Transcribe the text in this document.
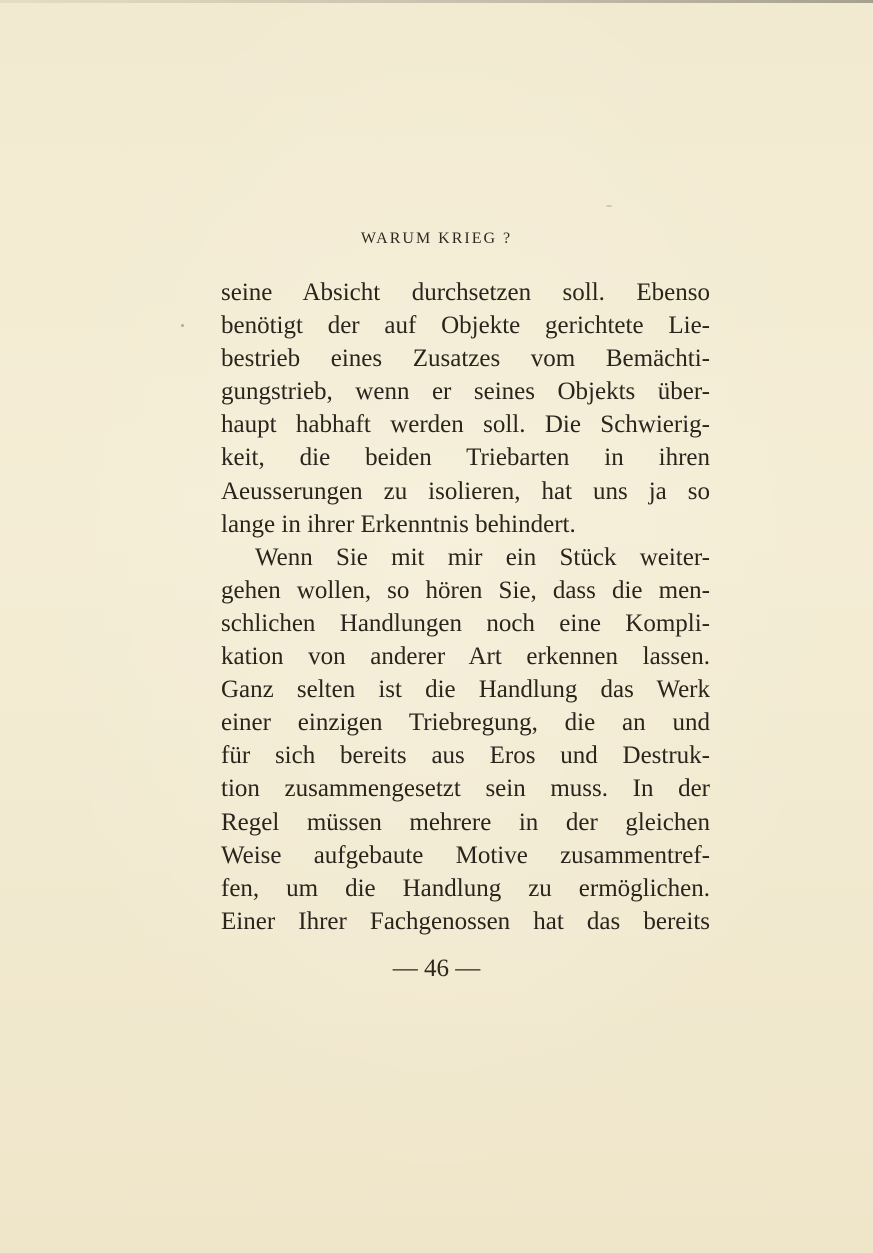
WARUM KRIEG ?
seine Absicht durchsetzen soll. Ebenso
benötigt der auf Objekte gerichtete Lie-
bestrieb eines Zusatzes vom Bemächti-
gungstrieb, wenn er seines Objekts über-
haupt habhaft werden soll. Die Schwierig-
keit, die beiden Triebarten in ihren
Aeusserungen zu isolieren, hat uns ja so
lange in ihrer Erkenntnis behindert.
Wenn Sie mit mir ein Stück weiter-
gehen wollen, so hören Sie, dass die men-
schlichen Handlungen noch eine Kompli-
kation von anderer Art erkennen lassen.
Ganz selten ist die Handlung das Werk
einer einzigen Triebregung, die an und
für sich bereits aus Eros und Destruk-
tion zusammengesetzt sein muss. In der
Regel müssen mehrere in der gleichen
Weise aufgebaute Motive zusammentref-
fen, um die Handlung zu ermöglichen.
Einer Ihrer Fachgenossen hat das bereits
— 46 —
